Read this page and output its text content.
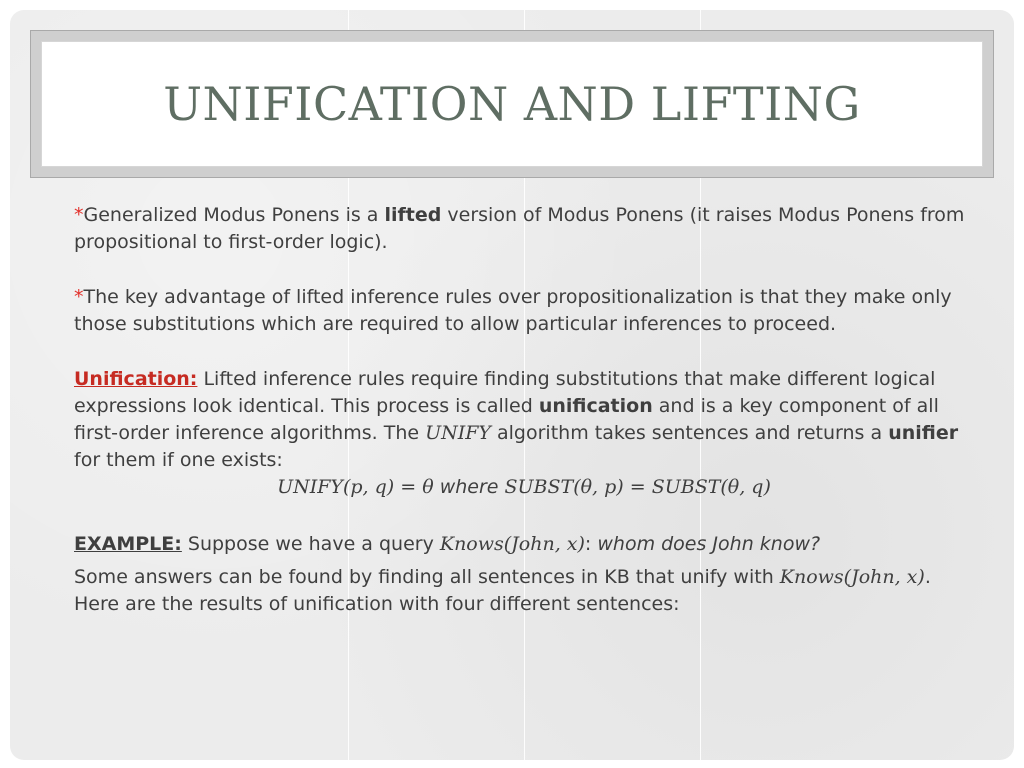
UNIFICATION AND LIFTING

*Generalized Modus Ponens is a lifted version of Modus Ponens (it raises Modus Ponens from propositional to first-order logic).

*The key advantage of lifted inference rules over propositionalization is that they make only those substitutions which are required to allow particular inferences to proceed.

Unification: Lifted inference rules require finding substitutions that make different logical expressions look identical. This process is called unification and is a key component of all first-order inference algorithms. The UNIFY algorithm takes sentences and returns a unifier for them if one exists:
UNIFY(p, q) = θ where SUBST(θ, p) = SUBST(θ, q)

EXAMPLE: Suppose we have a query Knows(John, x): whom does John know?

Some answers can be found by finding all sentences in KB that unify with Knows(John, x). Here are the results of unification with four different sentences:
